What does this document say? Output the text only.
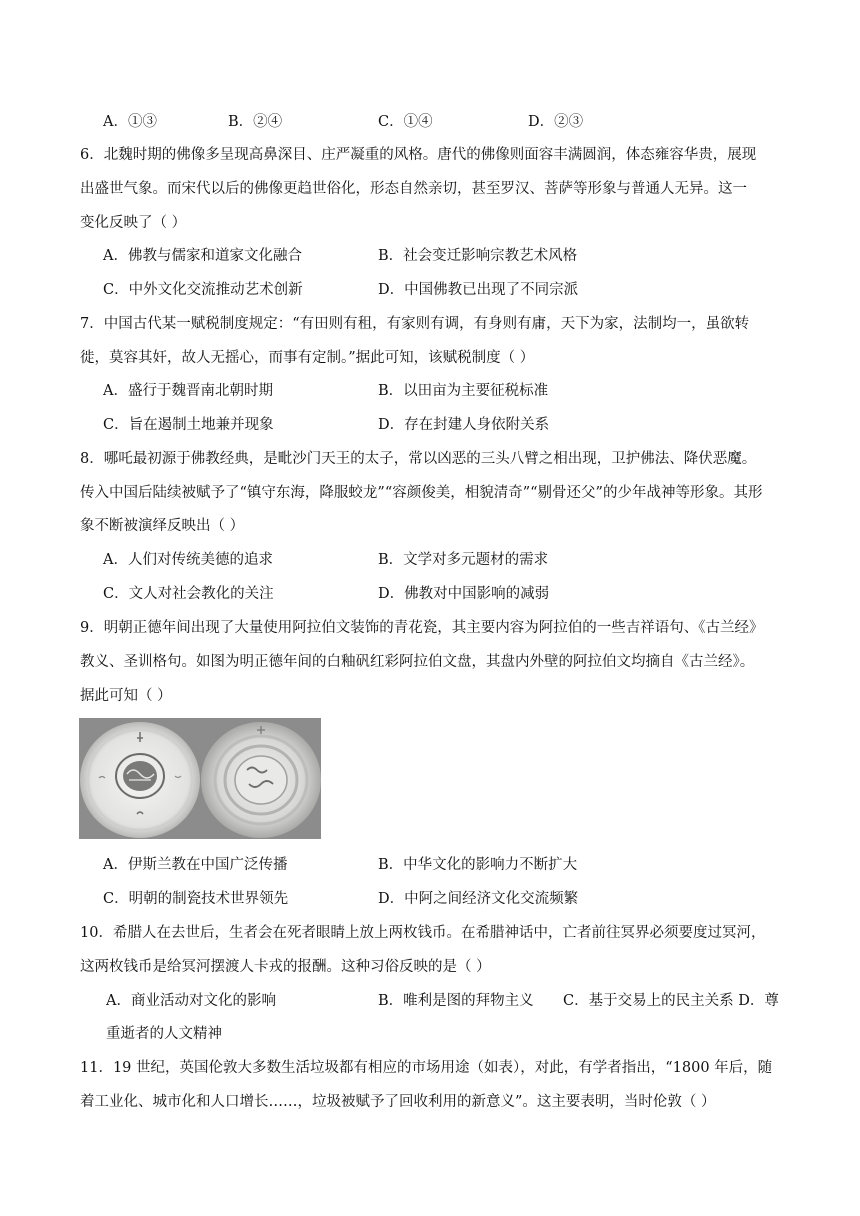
A．①③	B．②④	C．①④	D．②③
6．北魏时期的佛像多呈现高鼻深目、庄严凝重的风格。唐代的佛像则面容丰满圆润，体态雍容华贵，展现
出盛世气象。而宋代以后的佛像更趋世俗化，形态自然亲切，甚至罗汉、菩萨等形象与普通人无异。这一
变化反映了（ ）
A．佛教与儒家和道家文化融合	B．社会变迁影响宗教艺术风格
C．中外文化交流推动艺术创新	D．中国佛教已出现了不同宗派
7．中国古代某一赋税制度规定：“有田则有租，有家则有调，有身则有庸，天下为家，法制均一，虽欲转
徙，莫容其奸，故人无摇心，而事有定制。”据此可知，该赋税制度（ ）
A．盛行于魏晋南北朝时期	B．以田亩为主要征税标准
C．旨在遏制土地兼并现象	D．存在封建人身依附关系
8．哪吒最初源于佛教经典，是毗沙门天王的太子，常以凶恶的三头八臂之相出现，卫护佛法、降伏恶魔。
传入中国后陆续被赋予了“镇守东海，降服蛟龙”“容颜俊美，相貌清奇”“剔骨还父”的少年战神等形象。其形
象不断被演绎反映出（ ）
A．人们对传统美德的追求	B．文学对多元题材的需求
C．文人对社会教化的关注	D．佛教对中国影响的减弱
9．明朝正德年间出现了大量使用阿拉伯文装饰的青花瓷，其主要内容为阿拉伯的一些吉祥语句、《古兰经》
教义、圣训格句。如图为明正德年间的白釉矾红彩阿拉伯文盘，其盘内外壁的阿拉伯文均摘自《古兰经》。
据此可知（ ）
A．伊斯兰教在中国广泛传播	B．中华文化的影响力不断扩大
C．明朝的制瓷技术世界领先	D．中阿之间经济文化交流频繁
10．希腊人在去世后，生者会在死者眼睛上放上两枚钱币。在希腊神话中，亡者前往冥界必须要度过冥河，
这两枚钱币是给冥河摆渡人卡戎的报酬。这种习俗反映的是（ ）
A．商业活动对文化的影响	B．唯利是图的拜物主义 C．基于交易上的民主关系 D．尊
重逝者的人文精神
11．19 世纪，英国伦敦大多数生活垃圾都有相应的市场用途（如表），对此，有学者指出，“1800 年后，随
着工业化、城市化和人口增长……，垃圾被赋予了回收利用的新意义”。这主要表明，当时伦敦（ ）
